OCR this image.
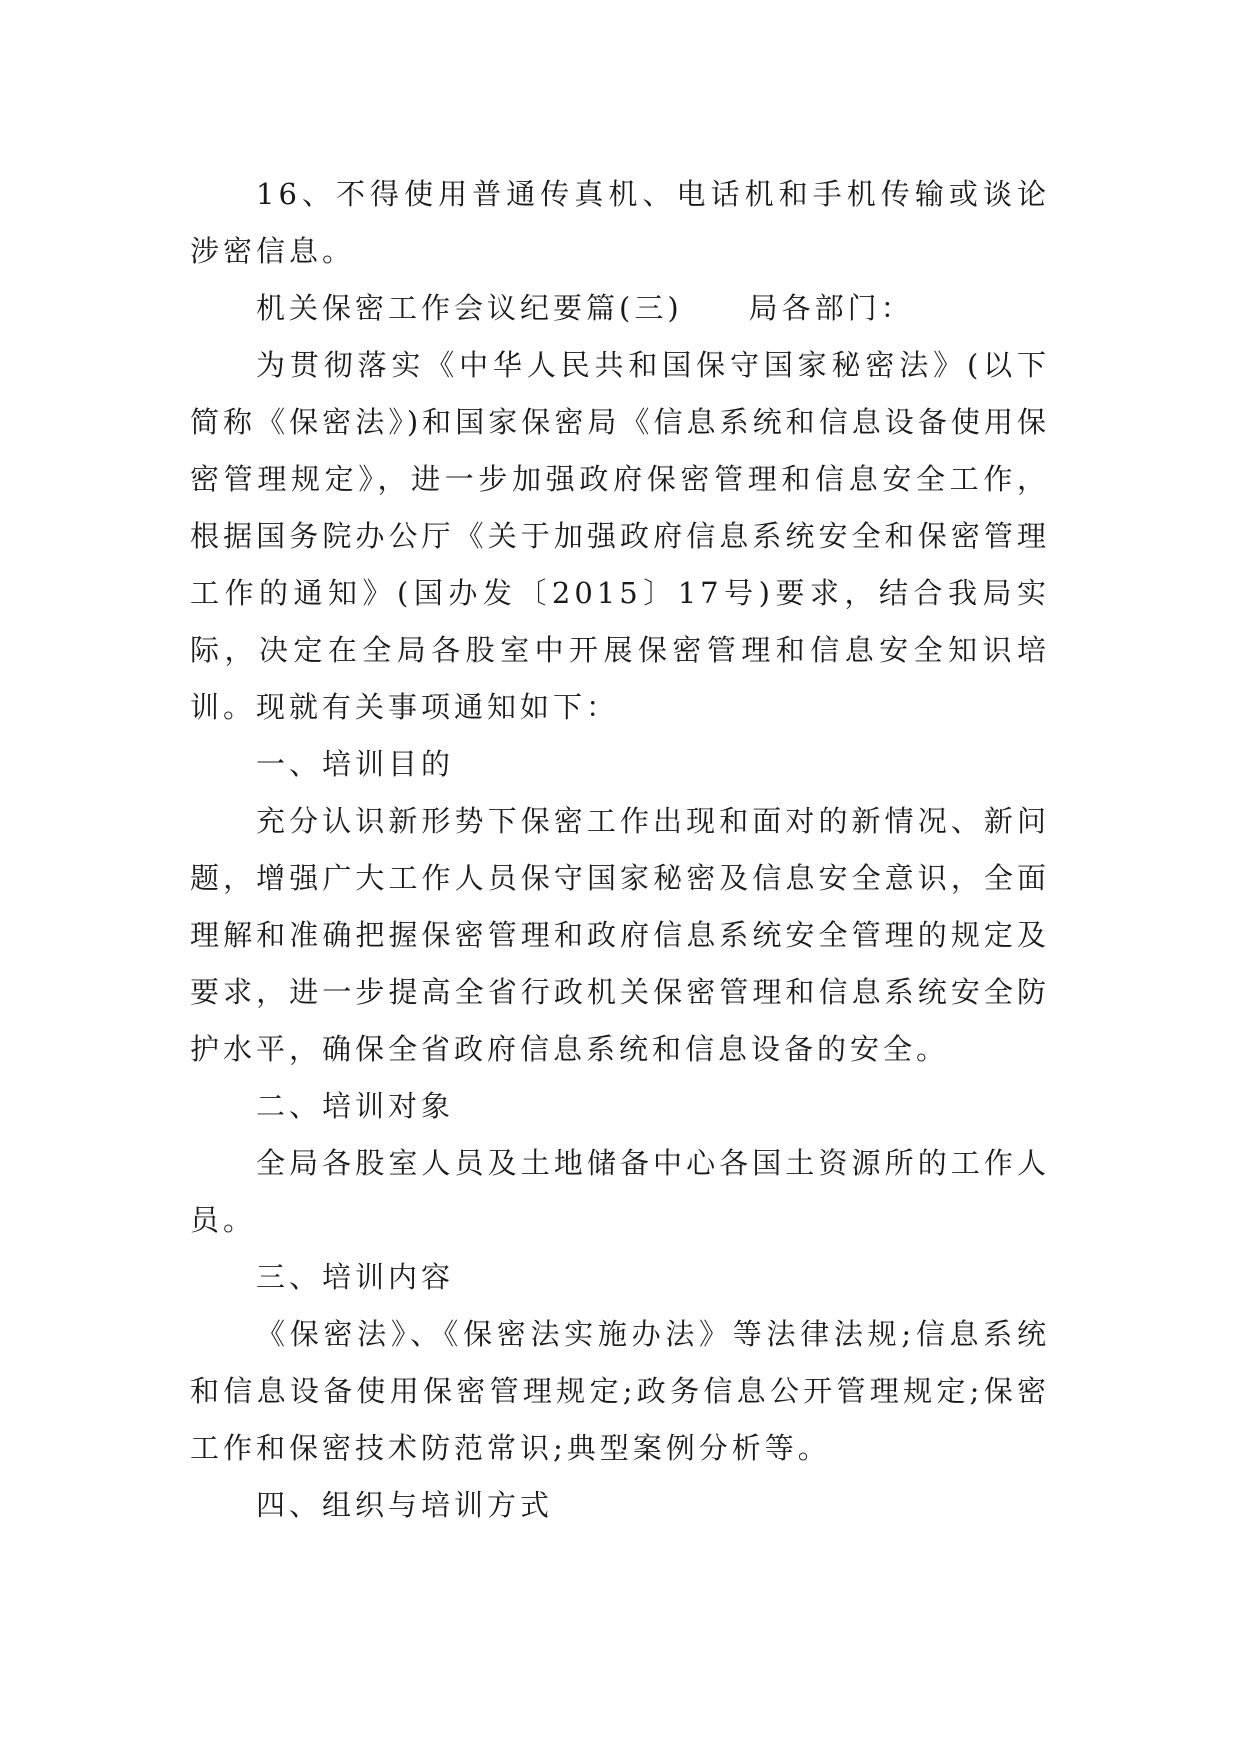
16、不得使用普通传真机、电话机和手机传输或谈论涉密信息。

机关保密工作会议纪要篇(三)　　局各部门：

为贯彻落实《中华人民共和国保守国家秘密法》(以下简称《保密法》)和国家保密局《信息系统和信息设备使用保密管理规定》，进一步加强政府保密管理和信息安全工作，根据国务院办公厅《关于加强政府信息系统安全和保密管理工作的通知》(国办发〔2015〕17号)要求，结合我局实际，决定在全局各股室中开展保密管理和信息安全知识培训。现就有关事项通知如下：

一、培训目的

充分认识新形势下保密工作出现和面对的新情况、新问题，增强广大工作人员保守国家秘密及信息安全意识，全面理解和准确把握保密管理和政府信息系统安全管理的规定及要求，进一步提高全省行政机关保密管理和信息系统安全防护水平，确保全省政府信息系统和信息设备的安全。

二、培训对象

全局各股室人员及土地储备中心各国土资源所的工作人员。

三、培训内容

《保密法》、《保密法实施办法》等法律法规;信息系统和信息设备使用保密管理规定;政务信息公开管理规定;保密工作和保密技术防范常识;典型案例分析等。

四、组织与培训方式
